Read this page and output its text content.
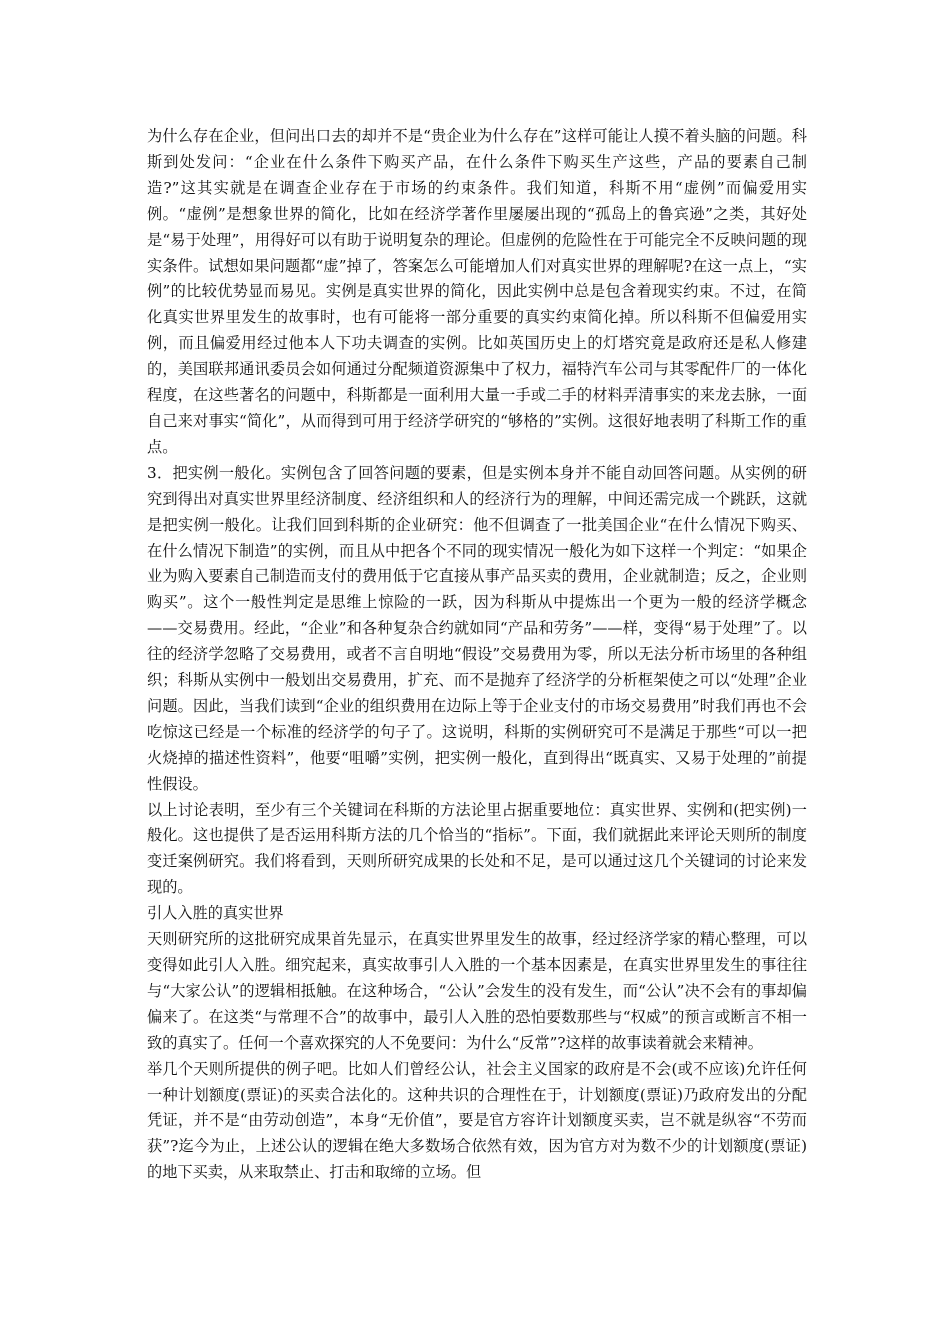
为什么存在企业，但问出口去的却并不是“贵企业为什么存在”这样可能让人摸不着头脑的问题。科斯到处发问：“企业在什么条件下购买产品，在什么条件下购买生产这些，产品的要素自己制造?”这其实就是在调查企业存在于市场的约束条件。我们知道，科斯不用“虚例”而偏爱用实例。“虚例”是想象世界的简化，比如在经济学著作里屡屡出现的“孤岛上的鲁宾逊”之类，其好处是“易于处理”，用得好可以有助于说明复杂的理论。但虚例的危险性在于可能完全不反映问题的现实条件。试想如果问题都“虚”掉了，答案怎么可能增加人们对真实世界的理解呢?在这一点上，“实例”的比较优势显而易见。实例是真实世界的简化，因此实例中总是包含着现实约束。不过，在简化真实世界里发生的故事时，也有可能将一部分重要的真实约束简化掉。所以科斯不但偏爱用实例，而且偏爱用经过他本人下功夫调查的实例。比如英国历史上的灯塔究竟是政府还是私人修建的，美国联邦通讯委员会如何通过分配频道资源集中了权力，福特汽车公司与其零配件厂的一体化程度，在这些著名的问题中，科斯都是一面利用大量一手或二手的材料弄清事实的来龙去脉，一面自己来对事实“简化”，从而得到可用于经济学研究的“够格的”实例。这很好地表明了科斯工作的重点。

3．把实例一般化。实例包含了回答问题的要素，但是实例本身并不能自动回答问题。从实例的研究到得出对真实世界里经济制度、经济组织和人的经济行为的理解，中间还需完成一个跳跃，这就是把实例一般化。让我们回到科斯的企业研究：他不但调查了一批美国企业“在什么情况下购买、在什么情况下制造”的实例，而且从中把各个不同的现实情况一般化为如下这样一个判定：“如果企业为购入要素自己制造而支付的费用低于它直接从事产品买卖的费用，企业就制造；反之，企业则购买”。这个一般性判定是思维上惊险的一跃，因为科斯从中提炼出一个更为一般的经济学概念——交易费用。经此，“企业”和各种复杂合约就如同“产品和劳务”——样，变得“易于处理”了。以往的经济学忽略了交易费用，或者不言自明地“假设”交易费用为零，所以无法分析市场里的各种组织；科斯从实例中一般划出交易费用，扩充、而不是抛弃了经济学的分析框架使之可以“处理”企业问题。因此，当我们读到“企业的组织费用在边际上等于企业支付的市场交易费用”时我们再也不会吃惊这已经是一个标准的经济学的句子了。这说明，科斯的实例研究可不是满足于那些“可以一把火烧掉的描述性资料”，他要“咀嚼”实例，把实例一般化，直到得出“既真实、又易于处理的”前提性假设。

以上讨论表明，至少有三个关键词在科斯的方法论里占据重要地位：真实世界、实例和(把实例)一般化。这也提供了是否运用科斯方法的几个恰当的“指标”。下面，我们就据此来评论天则所的制度变迁案例研究。我们将看到，天则所研究成果的长处和不足，是可以通过这几个关键词的讨论来发现的。

引人入胜的真实世界

天则研究所的这批研究成果首先显示，在真实世界里发生的故事，经过经济学家的精心整理，可以变得如此引人入胜。细究起来，真实故事引人入胜的一个基本因素是，在真实世界里发生的事往往与“大家公认”的逻辑相抵触。在这种场合，“公认”会发生的没有发生，而“公认”决不会有的事却偏偏来了。在这类“与常理不合”的故事中，最引人入胜的恐怕要数那些与“权威”的预言或断言不相一致的真实了。任何一个喜欢探究的人不免要问：为什么“反常”?这样的故事读着就会来精神。

举几个天则所提供的例子吧。比如人们曾经公认，社会主义国家的政府是不会(或不应该)允许任何一种计划额度(票证)的买卖合法化的。这种共识的合理性在于，计划额度(票证)乃政府发出的分配凭证，并不是“由劳动创造”，本身“无价值”，要是官方容许计划额度买卖，岂不就是纵容“不劳而获”?迄今为止，上述公认的逻辑在绝大多数场合依然有效，因为官方对为数不少的计划额度(票证)的地下买卖，从来取禁止、打击和取缔的立场。但
